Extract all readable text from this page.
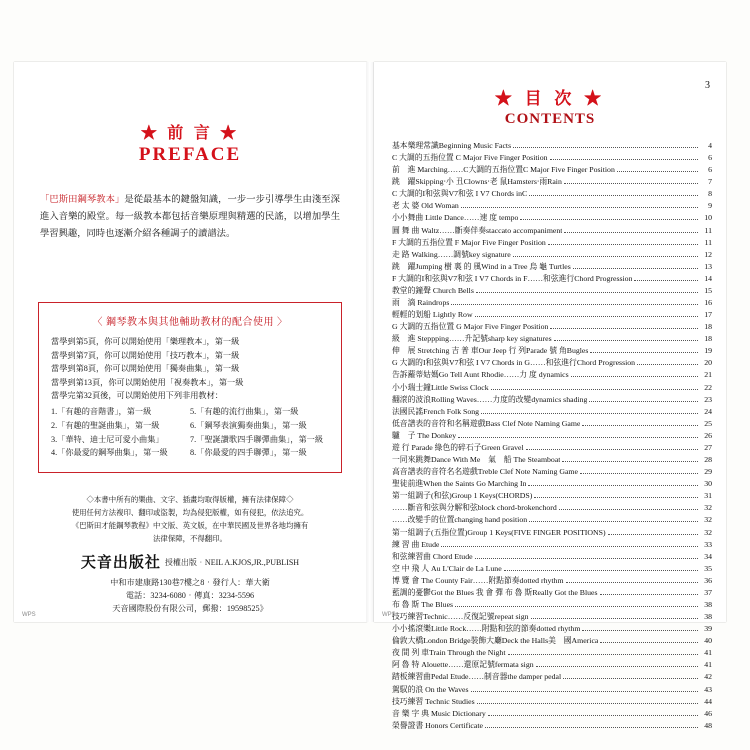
★ 前 言 ★
PREFACE
「巴斯田鋼琴教本」是從最基本的鍵盤知識，一步一步引導學生由淺至深進入音樂的殿堂。每一級教本都包括音樂原理與精選的民謠，以增加學生學習興趣，同時也逐漸介紹各種調子的讀譜法。
〈 鋼琴教本與其他輔助教材的配合使用 〉
當學到第5頁，你可以開始使用「樂理教本」，第一級
當學到第7頁，你可以開始使用「技巧教本」，第一級
當學到第8頁，你可以開始使用「獨奏曲集」，第一級
當學到第13頁，你可以開始使用「視奏教本」，第一級
當學完第32頁後，可以開始使用下列非用教材：
1.「有趣的音階書」，第一級	5.「有趣的流行曲集」，第一級
2.「有趣的聖誕曲集」，第一級	6.「鋼琴表演獨奏曲集」，第一級
3.「華特、迪士尼可愛小曲集」	7.「聖誕讚歌四手聯彈曲集」，第一級
4.「你最愛的鋼琴曲集」，第一級	8.「你最愛的四手聯彈」，第一級
◇本書中所有的樂曲、文字、插畫均取得版權，擁有法律保障◇
使用任何方法複印、翻印或盜製，均為侵犯版權，如有侵犯，依法追究。
《巴斯田才能鋼琴教程》中文版、英文版，在中華民國及世界各地均擁有
法律保障，不得翻印。
天音出版社 授權出版‧NEIL A.KJOS,JR.,PUBLISH
中和市建康路130巷7樓之8‧發行人：華大衛
電話：3234-6080‧傳真：3234-5596
天音國際股份有限公司，郵撥：19598525》
WPS
3
★ 目 次 ★
CONTENTS
基本樂理常識Beginning Music Facts	4
C 大調的五指位置 C Major Five Finger Position	6
前　進 Marching……C大調的五指位置C Major Five Finger Position	6
跳　躍Skipping‧小 丑Clowns‧老 鼠Hamsters‧雨Rain	7
C 大調的I和弦與V7和弦 I V7 Chords inC	8
老 太 婆 Old Woman	9
小小舞曲 Little Dance……速 度 tempo	10
圓 舞 曲 Waltz……斷奏伴奏staccato accompaniment	11
F 大調的五指位置 F Major Five Finger Position	11
走 路 Walking……調號key signature	12
跳　躍Jumping 樹 裏 的 風Wind in a Tree 烏 龜 Turtles	13
F 大調的I和弦與V7和弦 I V7 Chords in F……和弦進行Chord Progression	14
教堂的鐘聲 Church Bells	15
雨　滴 Raindrops	16
輕輕的划船 Lightly Row	17
G 大調的五指位置 G Major Five Finger Position	18
級　進 Steppping……升記號sharp key signatures	18
伸　展 Stretching 吉 普 車Our Jeep 行 列Parade 號 角Bugles	19
G 大調的I和弦與V7和弦 I V7 Chords in G……和弦進行Chord Progression	20
告訴蘿蒂姑媽Go Tell Aunt Rhodie……力 度 dynamics	21
小小瑞士鐘Little Swiss Clock	22
翻滾的波浪Rolling Waves……力度的改變dynamics shading	23
法國民謠French Folk Song	24
低音譜表的音符和名稱遊戲Bass Clef Note Naming Game	25
驢　子 The Donkey	26
遊 行 Parade 綠色的碎石子Green Gravel	27
一同來跳舞Dance With Me　氣　船 The Steamboat	28
高音譜表的音符名名遊戲Treble Clef Note Naming Game	29
聖徒前進When the Saints Go Marching In	30
第一組調子(和弦)Group 1 Keys(CHORDS)	31
……斷音和弦與分解和弦block chord-brokenchord	32
……改變手的位置changing hand position	32
第一組調子(五指位置)Group 1 Keys(FIVE FINGER POSITIONS)	32
練 習 曲 Etude	33
和弦練習曲 Chord Etude	34
空 中 飛 人 Au L'Clair de La Lune	35
博 覽 會 The County Fair……附點節奏dotted rhythm	36
藍調的憂鬱Got the Blues 我 會 彈 布 魯 斯Really Got the Blues	37
布 魯 斯 The Blues	38
技巧練習Technic……反復記號repeat sign	38
小小搖滾樂Little Rock……附點和弦的節奏dotted rhythm	39
倫敦大橋London Bridge裝飾大廳Deck the Halls美　國America	40
夜 間 列 車Train Through the Night	41
阿 魯 特 Alouette……還原記號fermata sign	41
踏板練習曲Pedal Etude……制音器the damper pedal	42
駕馭的浪 On the Waves	43
技巧練習 Technic Studies	44
音 樂 字 典 Music Dictionary	46
榮譽證書 Honors Certificate	48
WPS
